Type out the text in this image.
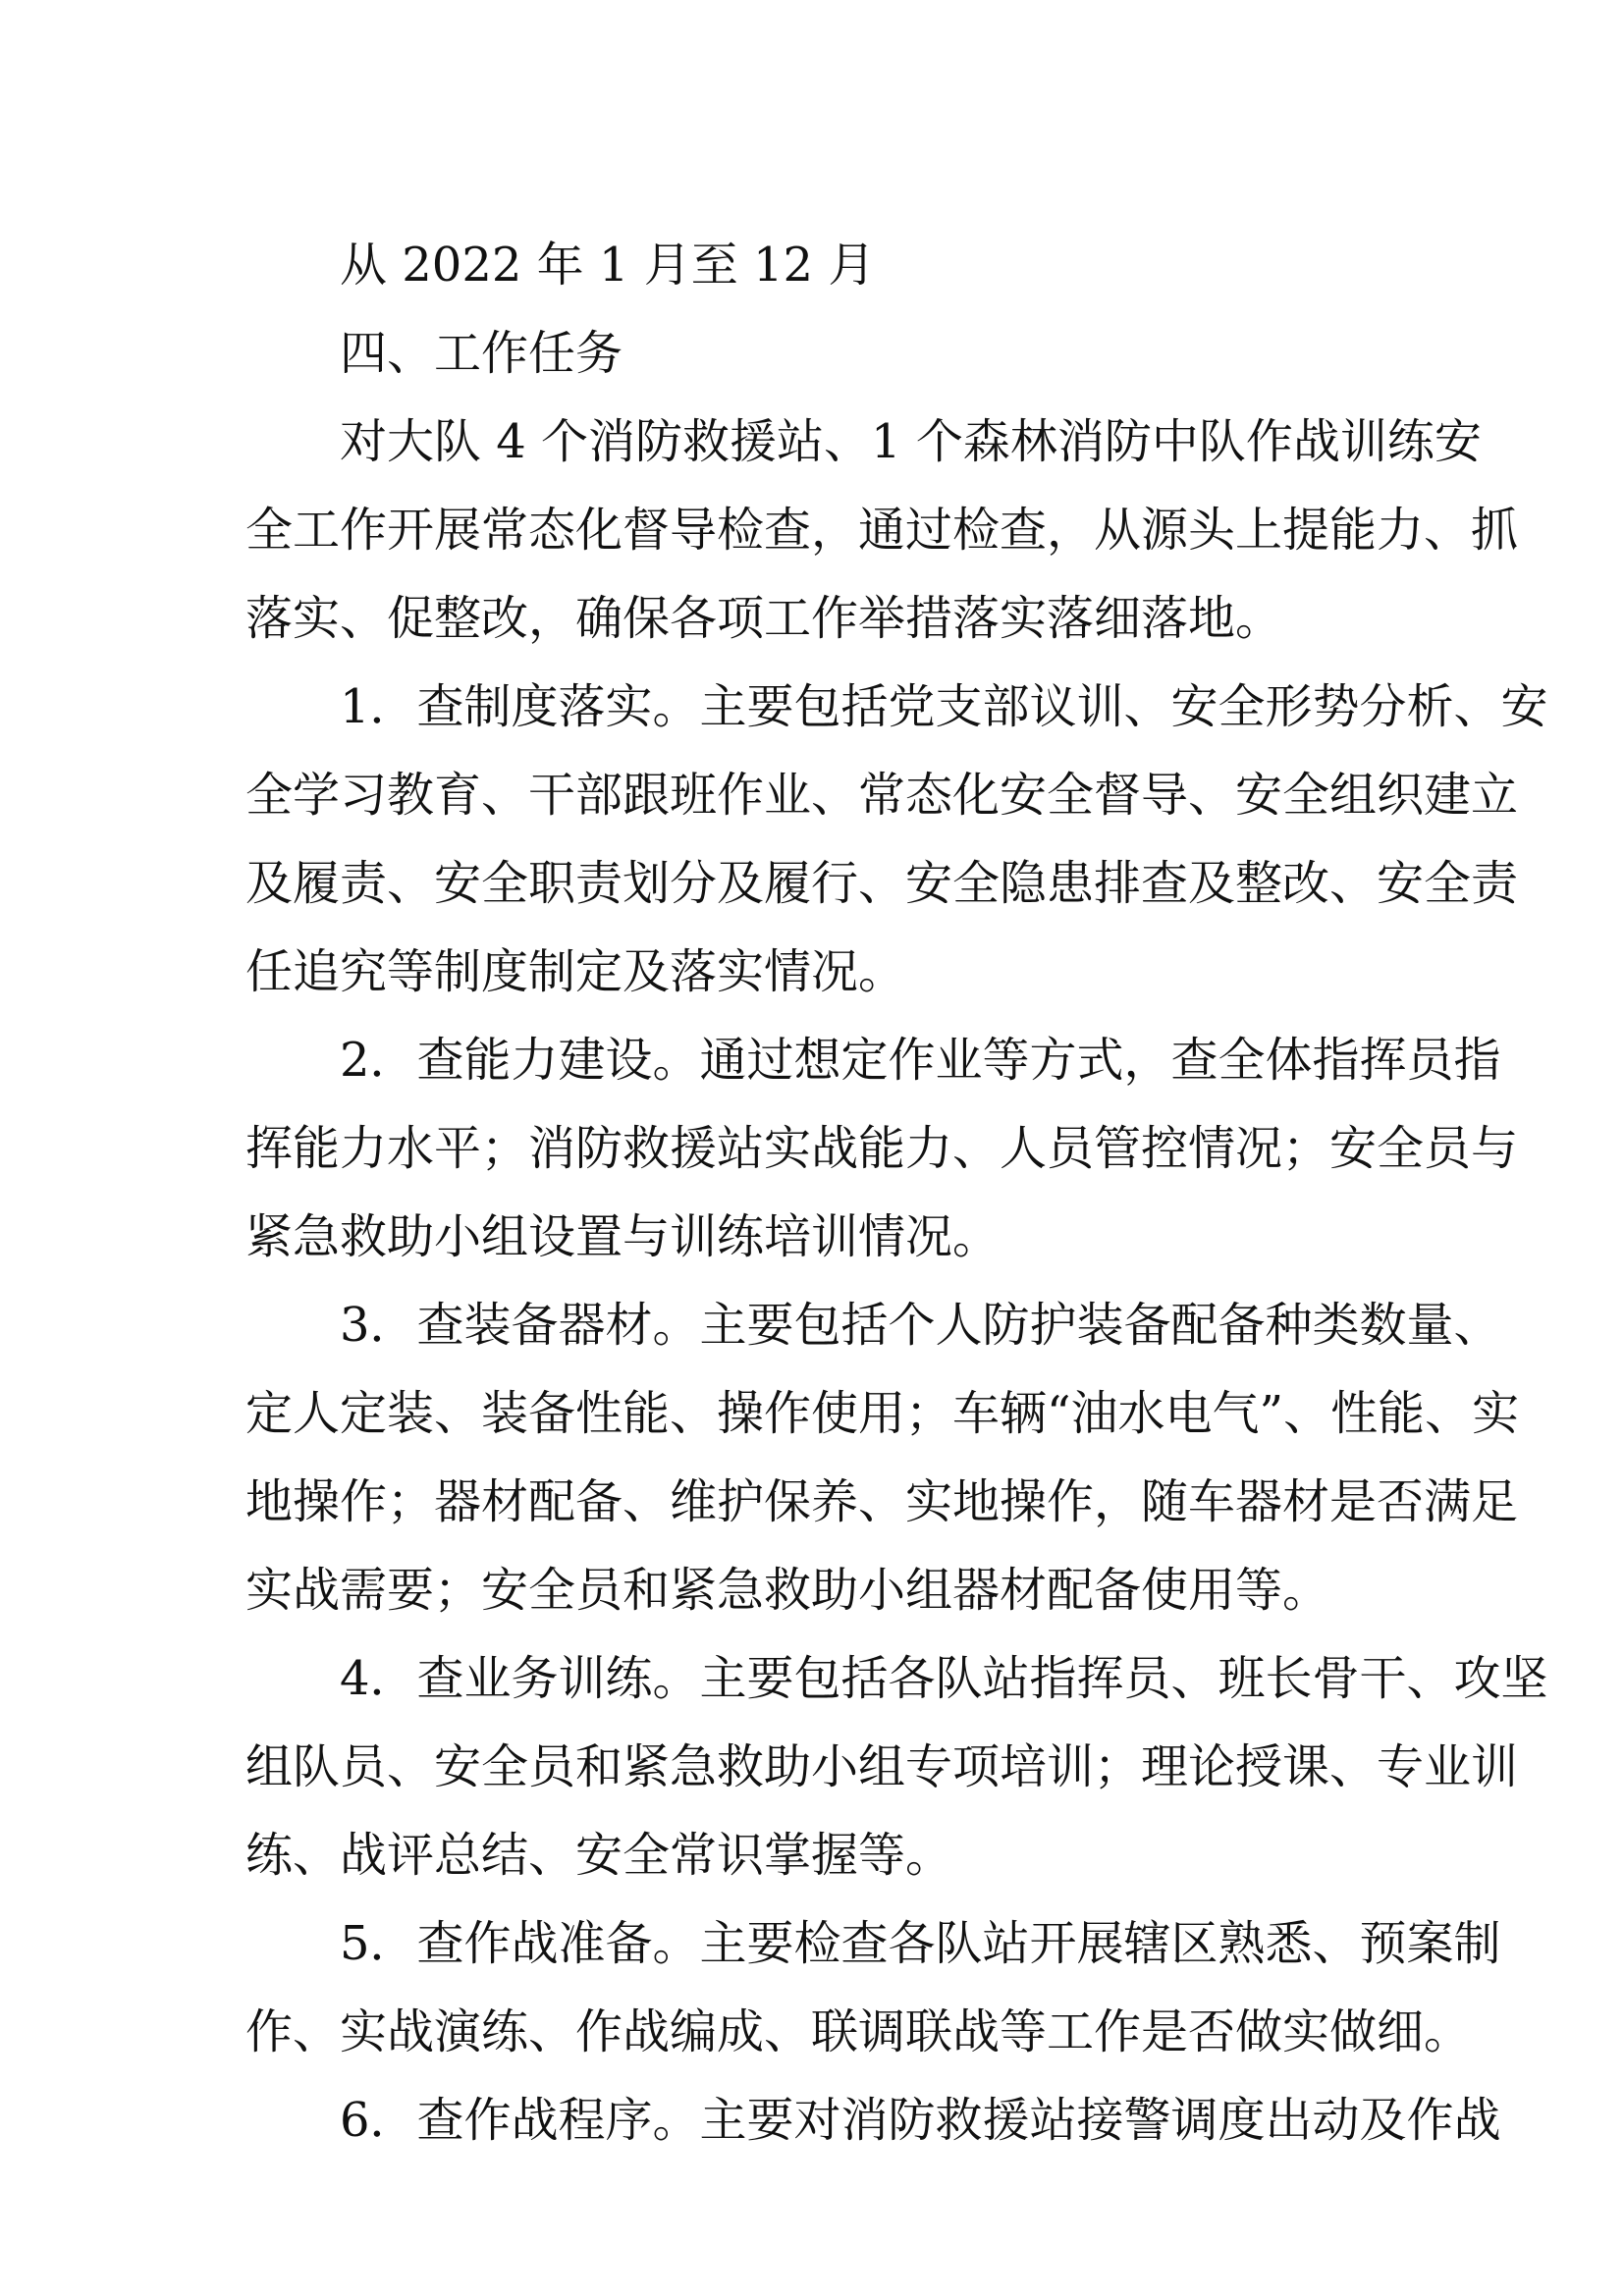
从 2022 年 1 月至 12 月
四、工作任务
对大队 4 个消防救援站、1 个森林消防中队作战训练安
全工作开展常态化督导检查，通过检查，从源头上提能力、抓
落实、促整改，确保各项工作举措落实落细落地。
1．查制度落实。主要包括党支部议训、安全形势分析、安
全学习教育、干部跟班作业、常态化安全督导、安全组织建立
及履责、安全职责划分及履行、安全隐患排查及整改、安全责
任追究等制度制定及落实情况。
2．查能力建设。通过想定作业等方式，查全体指挥员指
挥能力水平；消防救援站实战能力、人员管控情况；安全员与
紧急救助小组设置与训练培训情况。
3．查装备器材。主要包括个人防护装备配备种类数量、
定人定装、装备性能、操作使用；车辆“油水电气”、性能、实
地操作；器材配备、维护保养、实地操作，随车器材是否满足
实战需要；安全员和紧急救助小组器材配备使用等。
4．查业务训练。主要包括各队站指挥员、班长骨干、攻坚
组队员、安全员和紧急救助小组专项培训；理论授课、专业训
练、战评总结、安全常识掌握等。
5．查作战准备。主要检查各队站开展辖区熟悉、预案制
作、实战演练、作战编成、联调联战等工作是否做实做细。
6．查作战程序。主要对消防救援站接警调度出动及作战
